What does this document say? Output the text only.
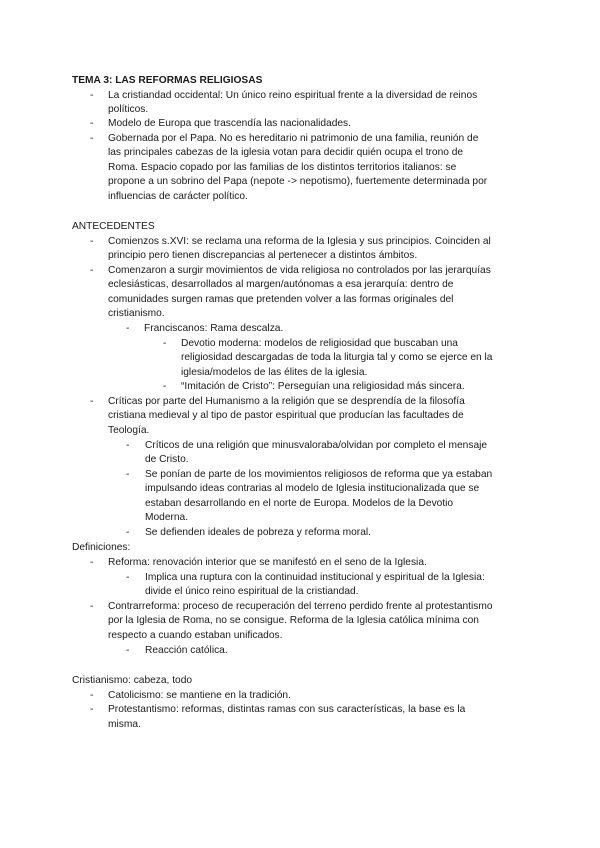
TEMA 3: LAS REFORMAS RELIGIOSAS
- La cristiandad occidental: Un único reino espiritual frente a la diversidad de reinos
políticos.
- Modelo de Europa que trascendía las nacionalidades.
- Gobernada por el Papa. No es hereditario ni patrimonio de una familia, reunión de
las principales cabezas de la iglesia votan para decidir quién ocupa el trono de
Roma. Espacio copado por las familias de los distintos territorios italianos: se
propone a un sobrino del Papa (nepote -> nepotismo), fuertemente determinada por
influencias de carácter político.
ANTECEDENTES
- Comienzos s.XVI: se reclama una reforma de la Iglesia y sus principios. Coinciden al
principio pero tienen discrepancias al pertenecer a distintos ámbitos.
- Comenzaron a surgir movimientos de vida religiosa no controlados por las jerarquías
eclesiásticas, desarrollados al margen/autónomas a esa jerarquía: dentro de
comunidades surgen ramas que pretenden volver a las formas originales del
cristianismo.
- Franciscanos: Rama descalza.
- Devotio moderna: modelos de religiosidad que buscaban una
religiosidad descargadas de toda la liturgia tal y como se ejerce en la
iglesia/modelos de las élites de la iglesia.
- “Imitación de Cristo”: Perseguían una religiosidad más sincera.
- Críticas por parte del Humanismo a la religión que se desprendía de la filosofía
cristiana medieval y al tipo de pastor espiritual que producían las facultades de
Teología.
- Críticos de una religión que minusvaloraba/olvidan por completo el mensaje
de Cristo.
- Se ponían de parte de los movimientos religiosos de reforma que ya estaban
impulsando ideas contrarias al modelo de Iglesia institucionalizada que se
estaban desarrollando en el norte de Europa. Modelos de la Devotio
Moderna.
- Se defienden ideales de pobreza y reforma moral.
Definiciones:
- Reforma: renovación interior que se manifestó en el seno de la Iglesia.
- Implica una ruptura con la continuidad institucional y espiritual de la Iglesia:
divide el único reino espiritual de la cristiandad.
- Contrarreforma: proceso de recuperación del terreno perdido frente al protestantismo
por la Iglesia de Roma, no se consigue. Reforma de la Iglesia católica mínima con
respecto a cuando estaban unificados.
- Reacción católica.
Cristianismo: cabeza, todo
- Catolicismo: se mantiene en la tradición.
- Protestantismo: reformas, distintas ramas con sus características, la base es la
misma.
